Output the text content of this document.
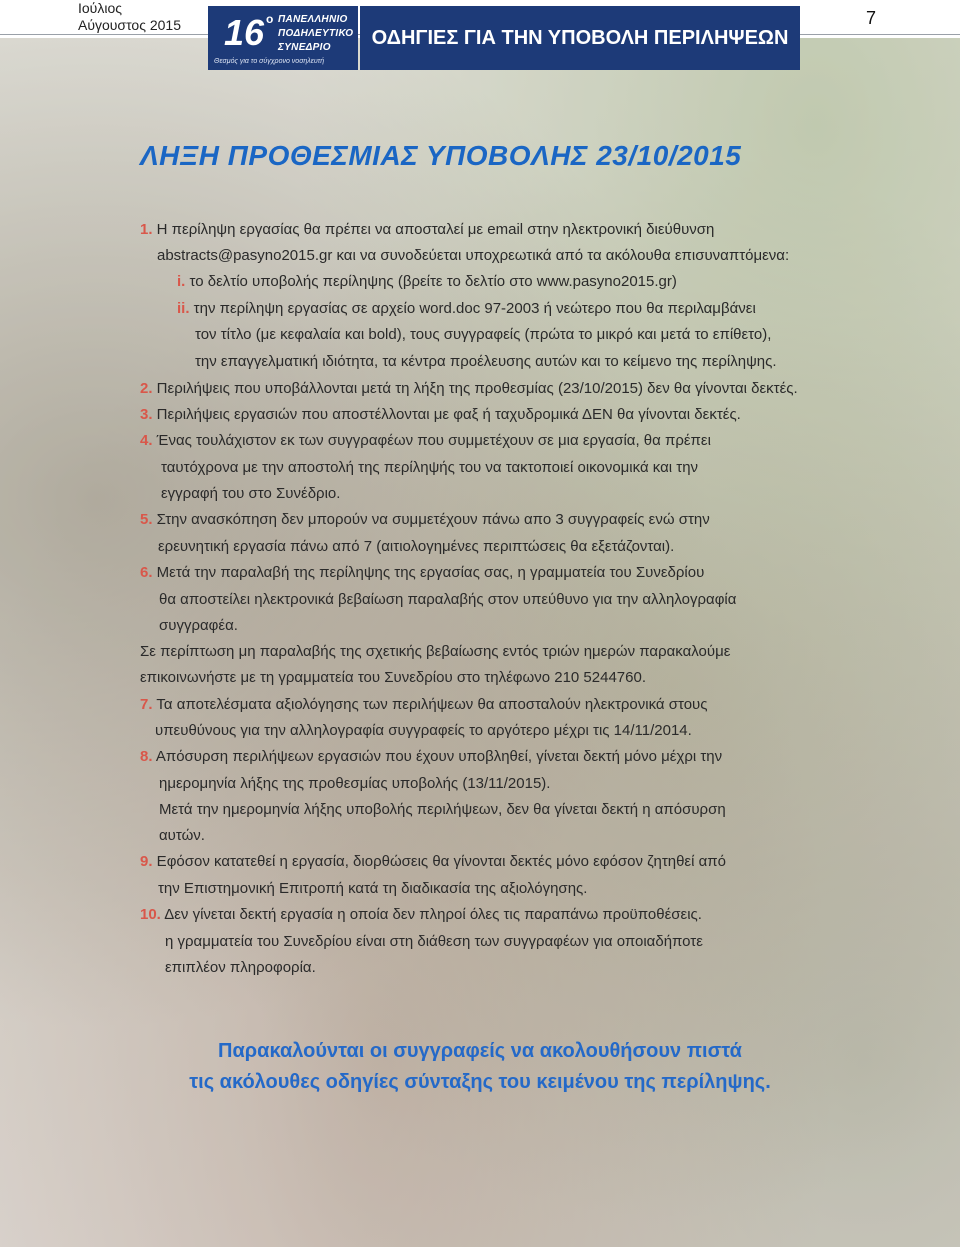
Ιούλιος
Αύγουστος 2015 16 ο ΠΑΝΕΛΛΗΝΙΟ
ΠΟΔΗΛΕΥΤΙΚΟ
ΣΥΝΕΔΡΙΟ
Θεσμός για το σύγχρονο νοσηλευτή
ΟΔΗΓΙΕΣ ΓΙΑ ΤΗΝ ΥΠΟΒΟΛΗ ΠΕΡΙΛΗΨΕΩΝ
7
ΛΗΞΗ ΠΡΟΘΕΣΜΙΑΣ ΥΠΟΒΟΛΗΣ 23/10/2015
1. Η περίληψη εργασίας θα πρέπει να αποσταλεί με email στην ηλεκτρονική διεύθυνση
abstracts@pasyno2015.gr και να συνοδεύεται υποχρεωτικά από τα ακόλουθα επισυναπτόμενα:
i. το δελτίο υποβολής περίληψης (βρείτε το δελτίο στο www.pasyno2015.gr)
ii. την περίληψη εργασίας σε αρχείο word.doc 97-2003 ή νεώτερο που θα περιλαμβάνει
τον τίτλο (με κεφαλαία και bold), τους συγγραφείς (πρώτα το μικρό και μετά το επίθετο),
την επαγγελματική ιδιότητα, τα κέντρα προέλευσης αυτών και το κείμενο της περίληψης.
2. Περιλήψεις που υποβάλλονται μετά τη λήξη της προθεσμίας (23/10/2015) δεν θα γίνονται δεκτές.
3. Περιλήψεις εργασιών που αποστέλλονται με φαξ ή ταχυδρομικά ΔΕΝ θα γίνονται δεκτές.
4. Ένας τουλάχιστον εκ των συγγραφέων που συμμετέχουν σε μια εργασία, θα πρέπει
ταυτόχρονα με την αποστολή της περίληψής του να τακτοποιεί οικονομικά και την
εγγραφή του στο Συνέδριο.
5. Στην ανασκόπηση δεν μπορούν να συμμετέχουν πάνω απο 3 συγγραφείς ενώ στην
ερευνητική εργασία πάνω από 7 (αιτιολογημένες περιπτώσεις θα εξετάζονται).
6. Μετά την παραλαβή της περίληψης της εργασίας σας, η γραμματεία του Συνεδρίου
θα αποστείλει ηλεκτρονικά βεβαίωση παραλαβής στον υπεύθυνο για την αλληλογραφία
συγγραφέα.
Σε περίπτωση μη παραλαβής της σχετικής βεβαίωσης εντός τριών ημερών παρακαλούμε
επικοινωνήστε με τη γραμματεία του Συνεδρίου στο τηλέφωνο 210 5244760.
7. Τα αποτελέσματα αξιολόγησης των περιλήψεων θα αποσταλούν ηλεκτρονικά στους
υπευθύνους για την αλληλογραφία συγγραφείς το αργότερο μέχρι τις 14/11/2014.
8. Απόσυρση περιλήψεων εργασιών που έχουν υποβληθεί, γίνεται δεκτή μόνο μέχρι την
ημερομηνία λήξης της προθεσμίας υποβολής (13/11/2015).
Μετά την ημερομηνία λήξης υποβολής περιλήψεων, δεν θα γίνεται δεκτή η απόσυρση
αυτών.
9. Εφόσον κατατεθεί η εργασία, διορθώσεις θα γίνονται δεκτές μόνο εφόσον ζητηθεί από
την Επιστημονική Επιτροπή κατά τη διαδικασία της αξιολόγησης.
10. Δεν γίνεται δεκτή εργασία η οποία δεν πληροί όλες τις παραπάνω προϋποθέσεις.
η γραμματεία του Συνεδρίου είναι στη διάθεση των συγγραφέων για οποιαδήποτε
επιπλέον πληροφορία.
Παρακαλούνται οι συγγραφείς να ακολουθήσουν πιστά
τις ακόλουθες οδηγίες σύνταξης του κειμένου της περίληψης.
